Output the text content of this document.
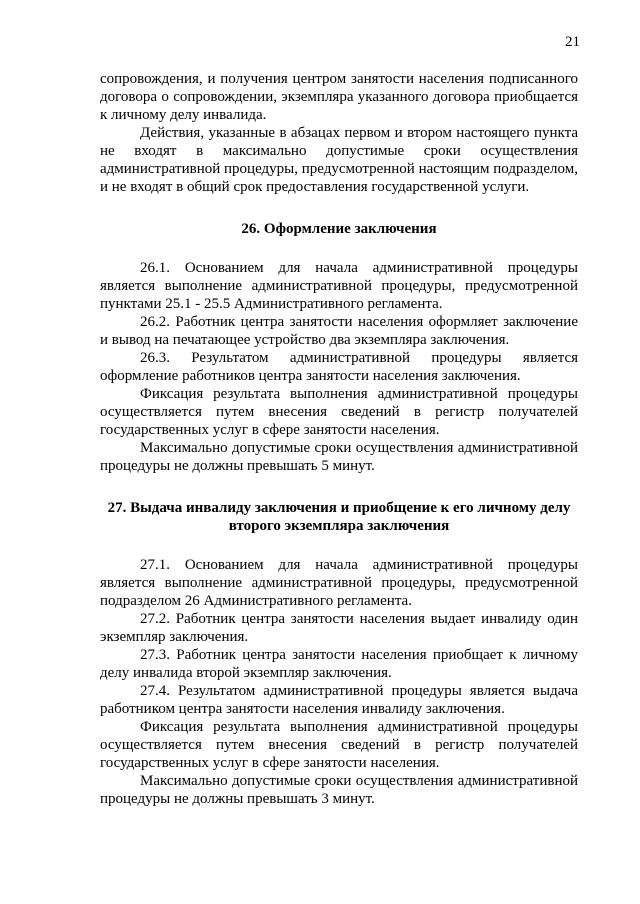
21

сопровождения, и получения центром занятости населения подписанного договора о сопровождении, экземпляра указанного договора приобщается к личному делу инвалида.

Действия, указанные в абзацах первом и втором настоящего пункта не входят в максимально допустимые сроки осуществления административной процедуры, предусмотренной настоящим подразделом, и не входят в общий срок предоставления государственной услуги.

26. Оформление заключения

26.1. Основанием для начала административной процедуры является выполнение административной процедуры, предусмотренной пунктами 25.1 - 25.5 Административного регламента.

26.2. Работник центра занятости населения оформляет заключение и вывод на печатающее устройство два экземпляра заключения.

26.3. Результатом административной процедуры является оформление работников центра занятости населения заключения.

Фиксация результата выполнения административной процедуры осуществляется путем внесения сведений в регистр получателей государственных услуг в сфере занятости населения.

Максимально допустимые сроки осуществления административной процедуры не должны превышать 5 минут.

27. Выдача инвалиду заключения и приобщение к его личному делу второго экземпляра заключения

27.1. Основанием для начала административной процедуры является выполнение административной процедуры, предусмотренной подразделом 26 Административного регламента.

27.2. Работник центра занятости населения выдает инвалиду один экземпляр заключения.

27.3. Работник центра занятости населения приобщает к личному делу инвалида второй экземпляр заключения.

27.4. Результатом административной процедуры является выдача работником центра занятости населения инвалиду заключения.

Фиксация результата выполнения административной процедуры осуществляется путем внесения сведений в регистр получателей государственных услуг в сфере занятости населения.

Максимально допустимые сроки осуществления административной процедуры не должны превышать 3 минут.
